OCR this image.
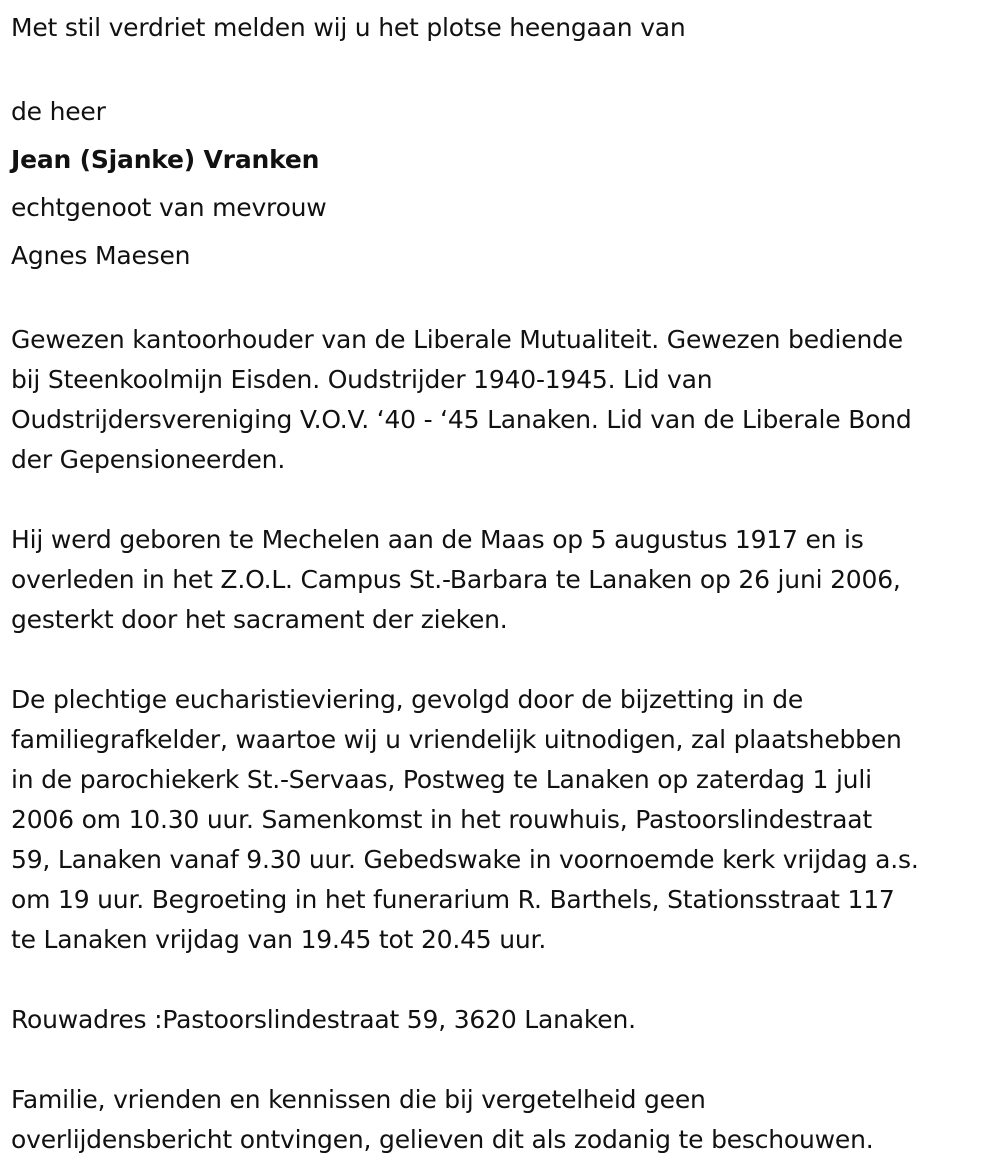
Met stil verdriet melden wij u het plotse heengaan van

de heer

Jean (Sjanke) Vranken

echtgenoot van mevrouw

Agnes Maesen

Gewezen kantoorhouder van de Liberale Mutualiteit. Gewezen bediende

bij Steenkoolmijn Eisden. Oudstrijder 1940-1945. Lid van

Oudstrijdersvereniging V.O.V. ‘40 - ‘45 Lanaken. Lid van de Liberale Bond

der Gepensioneerden.

Hij werd geboren te Mechelen aan de Maas op 5 augustus 1917 en is

overleden in het Z.O.L. Campus St.-Barbara te Lanaken op 26 juni 2006,

gesterkt door het sacrament der zieken.

De plechtige eucharistieviering, gevolgd door de bijzetting in de

familiegrafkelder, waartoe wij u vriendelijk uitnodigen, zal plaatshebben

in de parochiekerk St.-Servaas, Postweg te Lanaken op zaterdag 1 juli

2006 om 10.30 uur. Samenkomst in het rouwhuis, Pastoorslindestraat

59, Lanaken vanaf 9.30 uur. Gebedswake in voornoemde kerk vrijdag a.s.

om 19 uur. Begroeting in het funerarium R. Barthels, Stationsstraat 117

te Lanaken vrijdag van 19.45 tot 20.45 uur.

Rouwadres :Pastoorslindestraat 59, 3620 Lanaken.

Familie, vrienden en kennissen die bij vergetelheid geen

overlijdensbericht ontvingen, gelieven dit als zodanig te beschouwen.
